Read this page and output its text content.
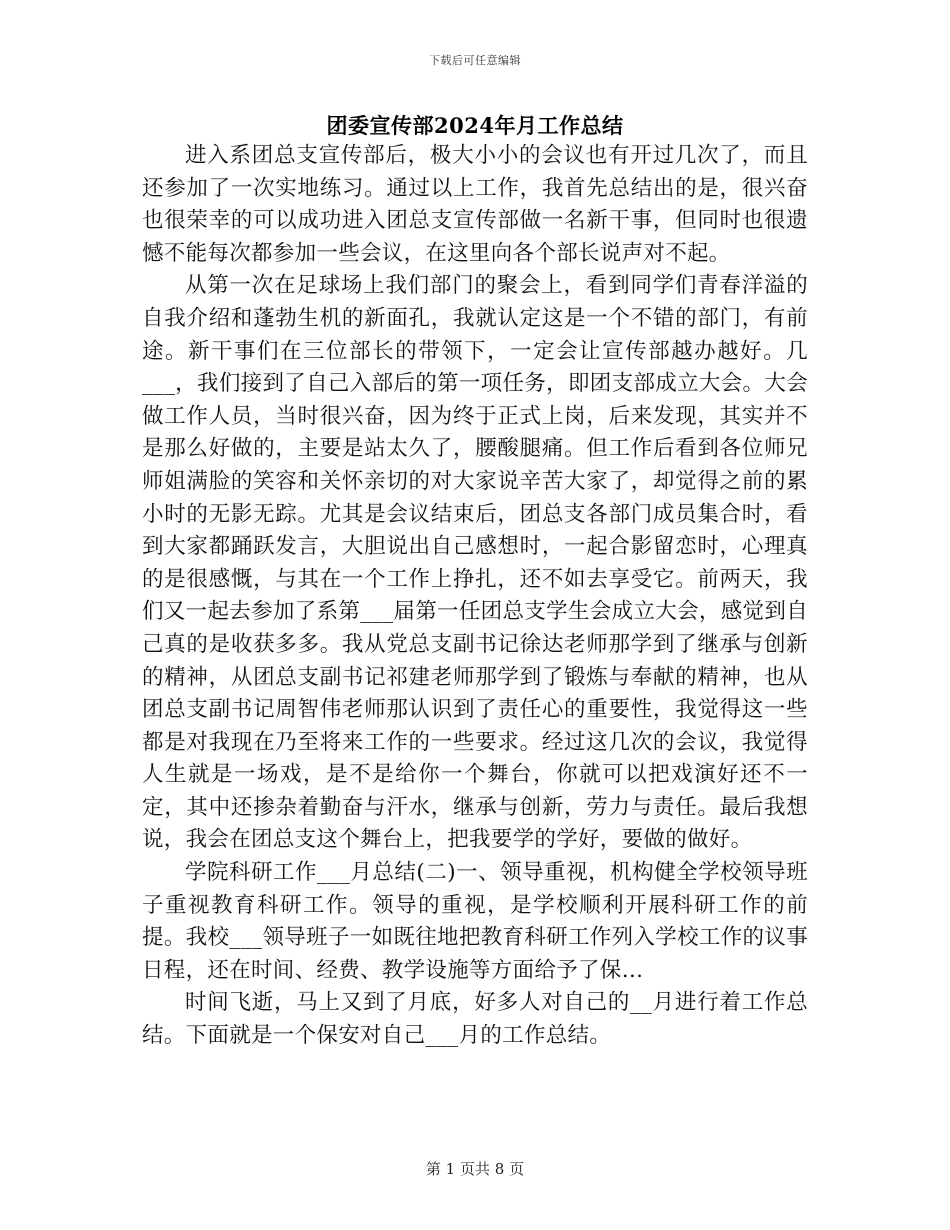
下载后可任意编辑
团委宣传部2024年月工作总结

进入系团总支宣传部后，极大小小的会议也有开过几次了，而且还参加了一次实地练习。通过以上工作，我首先总结出的是，很兴奋也很荣幸的可以成功进入团总支宣传部做一名新干事，但同时也很遗憾不能每次都参加一些会议，在这里向各个部长说声对不起。

从第一次在足球场上我们部门的聚会上，看到同学们青春洋溢的自我介绍和蓬勃生机的新面孔，我就认定这是一个不错的部门，有前途。新干事们在三位部长的带领下，一定会让宣传部越办越好。几___，我们接到了自己入部后的第一项任务，即团支部成立大会。大会做工作人员，当时很兴奋，因为终于正式上岗，后来发现，其实并不是那么好做的，主要是站太久了，腰酸腿痛。但工作后看到各位师兄师姐满脸的笑容和关怀亲切的对大家说辛苦大家了，却觉得之前的累小时的无影无踪。尤其是会议结束后，团总支各部门成员集合时，看到大家都踊跃发言，大胆说出自己感想时，一起合影留恋时，心理真的是很感慨，与其在一个工作上挣扎，还不如去享受它。前两天，我们又一起去参加了系第___届第一任团总支学生会成立大会，感觉到自己真的是收获多多。我从党总支副书记徐达老师那学到了继承与创新的精神，从团总支副书记祁建老师那学到了锻炼与奉献的精神，也从团总支副书记周智伟老师那认识到了责任心的重要性，我觉得这一些都是对我现在乃至将来工作的一些要求。经过这几次的会议，我觉得人生就是一场戏，是不是给你一个舞台，你就可以把戏演好还不一定，其中还掺杂着勤奋与汗水，继承与创新，劳力与责任。最后我想说，我会在团总支这个舞台上，把我要学的学好，要做的做好。

学院科研工作___月总结(二)一、领导重视，机构健全学校领导班子重视教育科研工作。领导的重视，是学校顺利开展科研工作的前提。我校___领导班子一如既往地把教育科研工作列入学校工作的议事日程，还在时间、经费、教学设施等方面给予了保…

时间飞逝，马上又到了月底，好多人对自己的__月进行着工作总结。下面就是一个保安对自己___月的工作总结。

第 1 页共 8 页
